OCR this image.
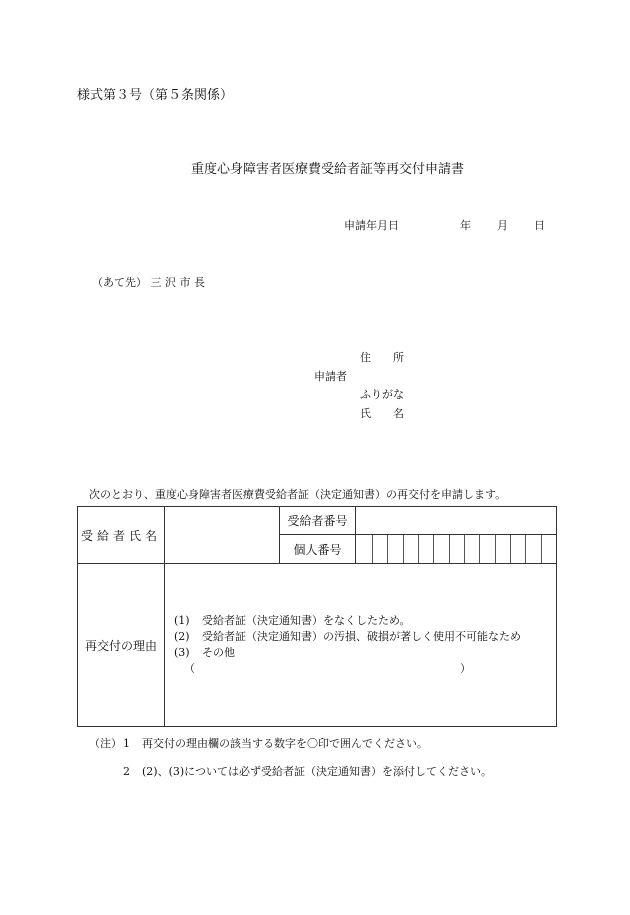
様式第３号（第５条関係）
重度心身障害者医療費受給者証等再交付申請書
申請年月日	年 月 日
（あて先） 三 沢 市 長
住　　所
申請者
ふりがな
氏　　名
次のとおり、重度心身障害者医療費受給者証（決定通知書）の再交付を申請します。
受給者氏名		受給者番号	
		個人番号	

再交付の理由	(1) 受給者証（決定通知書）をなくしたため。
(2) 受給者証（決定通知書）の汚損、破損が著しく使用不可能なため
(3) その他
（ ）		
（注）1 再交付の理由欄の該当する数字を〇印で囲んでください。
2 (2)、(3)については必ず受給者証（決定通知書）を添付してください。
